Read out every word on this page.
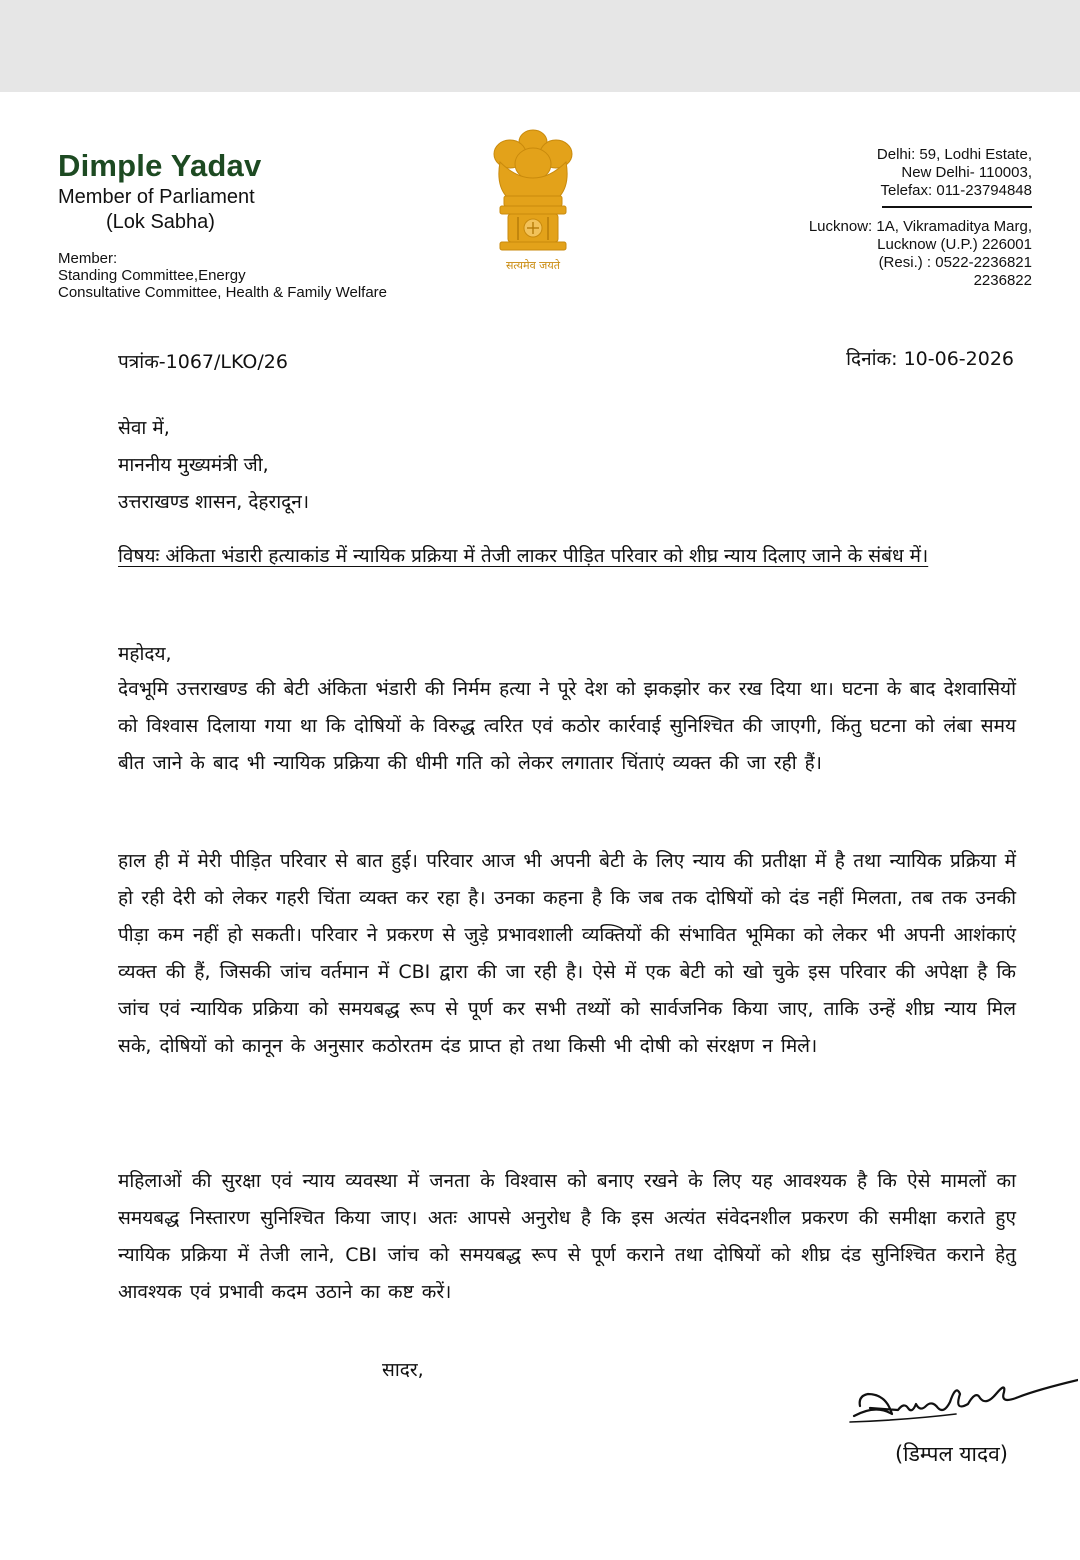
Dimple Yadav
Member of Parliament
(Lok Sabha)
Member:
Standing Committee,Energy
Consultative Committee, Health & Family Welfare
सत्यमेव जयते
Delhi: 59, Lodhi Estate,
New Delhi- 110003,
Telefax: 011-23794848
Lucknow: 1A, Vikramaditya Marg,
Lucknow (U.P.) 226001
(Resi.) : 0522-2236821
2236822
पत्रांक-1067/LKO/26	दिनांक: 10-06-2026
सेवा में,
माननीय मुख्यमंत्री जी,
उत्तराखण्ड शासन, देहरादून।
विषयः अंकिता भंडारी हत्याकांड में न्यायिक प्रक्रिया में तेजी लाकर पीड़ित परिवार को शीघ्र न्याय दिलाए जाने के संबंध में।
महोदय,
देवभूमि उत्तराखण्ड की बेटी अंकिता भंडारी की निर्मम हत्या ने पूरे देश को झकझोर कर रख दिया था। घटना के बाद देशवासियों को विश्वास दिलाया गया था कि दोषियों के विरुद्ध त्वरित एवं कठोर कार्रवाई सुनिश्चित की जाएगी, किंतु घटना को लंबा समय बीत जाने के बाद भी न्यायिक प्रक्रिया की धीमी गति को लेकर लगातार चिंताएं व्यक्त की जा रही हैं।
हाल ही में मेरी पीड़ित परिवार से बात हुई। परिवार आज भी अपनी बेटी के लिए न्याय की प्रतीक्षा में है तथा न्यायिक प्रक्रिया में हो रही देरी को लेकर गहरी चिंता व्यक्त कर रहा है। उनका कहना है कि जब तक दोषियों को दंड नहीं मिलता, तब तक उनकी पीड़ा कम नहीं हो सकती। परिवार ने प्रकरण से जुड़े प्रभावशाली व्यक्तियों की संभावित भूमिका को लेकर भी अपनी आशंकाएं व्यक्त की हैं, जिसकी जांच वर्तमान में CBI द्वारा की जा रही है। ऐसे में एक बेटी को खो चुके इस परिवार की अपेक्षा है कि जांच एवं न्यायिक प्रक्रिया को समयबद्ध रूप से पूर्ण कर सभी तथ्यों को सार्वजनिक किया जाए, ताकि उन्हें शीघ्र न्याय मिल सके, दोषियों को कानून के अनुसार कठोरतम दंड प्राप्त हो तथा किसी भी दोषी को संरक्षण न मिले।
महिलाओं की सुरक्षा एवं न्याय व्यवस्था में जनता के विश्वास को बनाए रखने के लिए यह आवश्यक है कि ऐसे मामलों का समयबद्ध निस्तारण सुनिश्चित किया जाए। अतः आपसे अनुरोध है कि इस अत्यंत संवेदनशील प्रकरण की समीक्षा कराते हुए न्यायिक प्रक्रिया में तेजी लाने, CBI जांच को समयबद्ध रूप से पूर्ण कराने तथा दोषियों को शीघ्र दंड सुनिश्चित कराने हेतु आवश्यक एवं प्रभावी कदम उठाने का कष्ट करें।
सादर,
(डिम्पल यादव)
